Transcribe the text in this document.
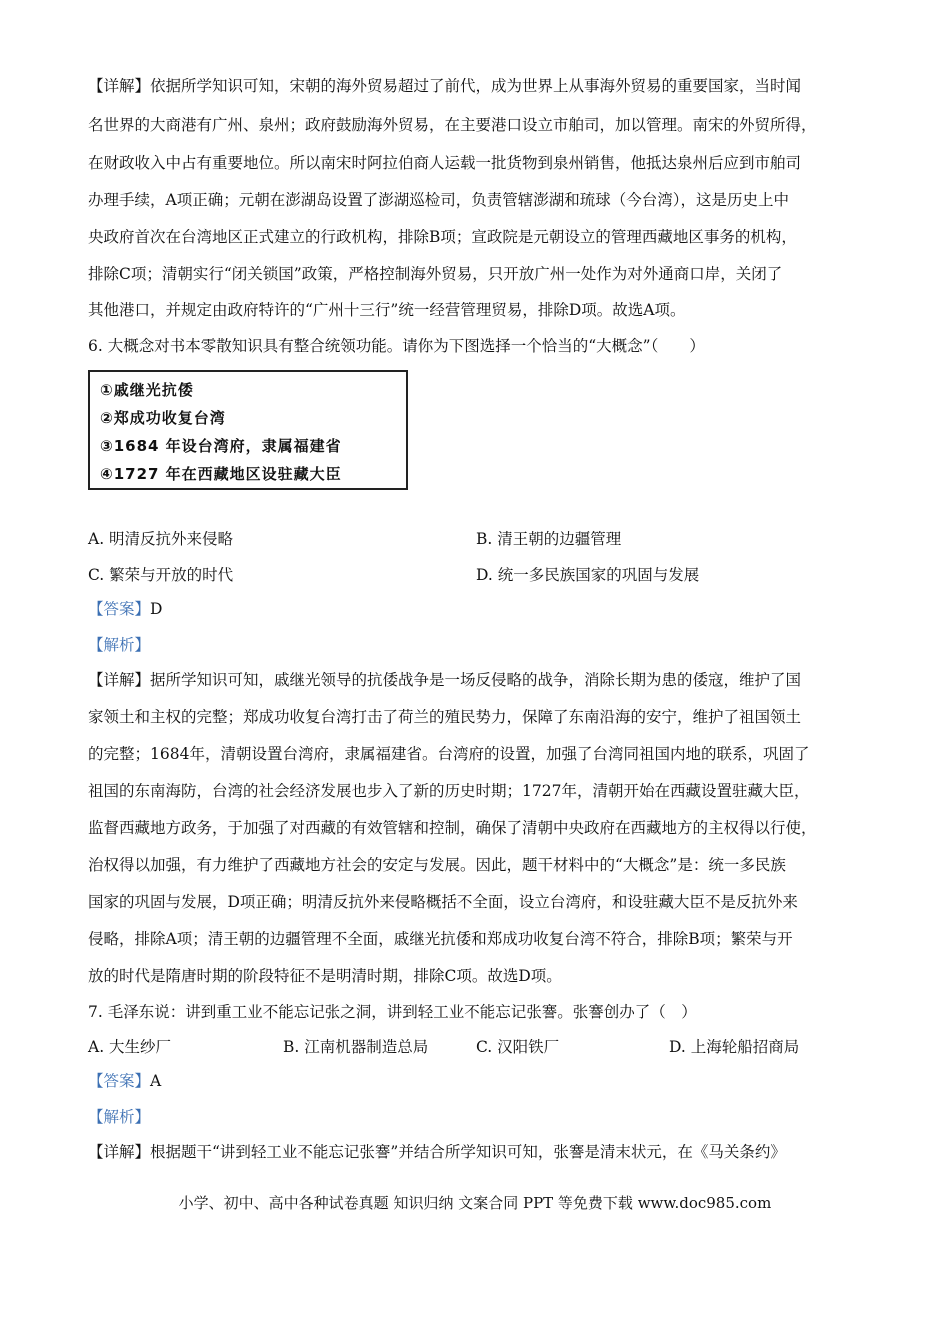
【详解】依据所学知识可知，宋朝的海外贸易超过了前代，成为世界上从事海外贸易的重要国家，当时闻
名世界的大商港有广州、泉州；政府鼓励海外贸易，在主要港口设立市舶司，加以管理。南宋的外贸所得，
在财政收入中占有重要地位。所以南宋时阿拉伯商人运载一批货物到泉州销售，他抵达泉州后应到市舶司
办理手续，A项正确；元朝在澎湖岛设置了澎湖巡检司，负责管辖澎湖和琉球（今台湾），这是历史上中
央政府首次在台湾地区正式建立的行政机构，排除B项；宣政院是元朝设立的管理西藏地区事务的机构，
排除C项；清朝实行“闭关锁国”政策，严格控制海外贸易，只开放广州一处作为对外通商口岸，关闭了
其他港口，并规定由政府特许的“广州十三行”统一经营管理贸易，排除D项。故选A项。
6. 大概念对书本零散知识具有整合统领功能。请你为下图选择一个恰当的“大概念”（　　）
①戚继光抗倭
②郑成功收复台湾
③1684 年设台湾府，隶属福建省
④1727 年在西藏地区设驻藏大臣
A. 明清反抗外来侵略	B. 清王朝的边疆管理
C. 繁荣与开放的时代	D. 统一多民族国家的巩固与发展
【答案】D
【解析】
【详解】据所学知识可知，戚继光领导的抗倭战争是一场反侵略的战争，消除长期为患的倭寇，维护了国
家领土和主权的完整；郑成功收复台湾打击了荷兰的殖民势力，保障了东南沿海的安宁，维护了祖国领土
的完整；1684年，清朝设置台湾府，隶属福建省。台湾府的设置，加强了台湾同祖国内地的联系，巩固了
祖国的东南海防，台湾的社会经济发展也步入了新的历史时期；1727年，清朝开始在西藏设置驻藏大臣，
监督西藏地方政务，于加强了对西藏的有效管辖和控制，确保了清朝中央政府在西藏地方的主权得以行使，
治权得以加强，有力维护了西藏地方社会的安定与发展。因此，题干材料中的“大概念”是：统一多民族
国家的巩固与发展，D项正确；明清反抗外来侵略概括不全面，设立台湾府，和设驻藏大臣不是反抗外来
侵略，排除A项；清王朝的边疆管理不全面，戚继光抗倭和郑成功收复台湾不符合，排除B项；繁荣与开
放的时代是隋唐时期的阶段特征不是明清时期，排除C项。故选D项。
7. 毛泽东说：讲到重工业不能忘记张之洞，讲到轻工业不能忘记张謇。张謇创办了（　）
A. 大生纱厂	B. 江南机器制造总局	C. 汉阳铁厂	D. 上海轮船招商局
【答案】A
【解析】
【详解】根据题干“讲到轻工业不能忘记张謇”并结合所学知识可知，张謇是清末状元，在《马关条约》
小学、初中、高中各种试卷真题 知识归纳 文案合同 PPT 等免费下载 www.doc985.com
